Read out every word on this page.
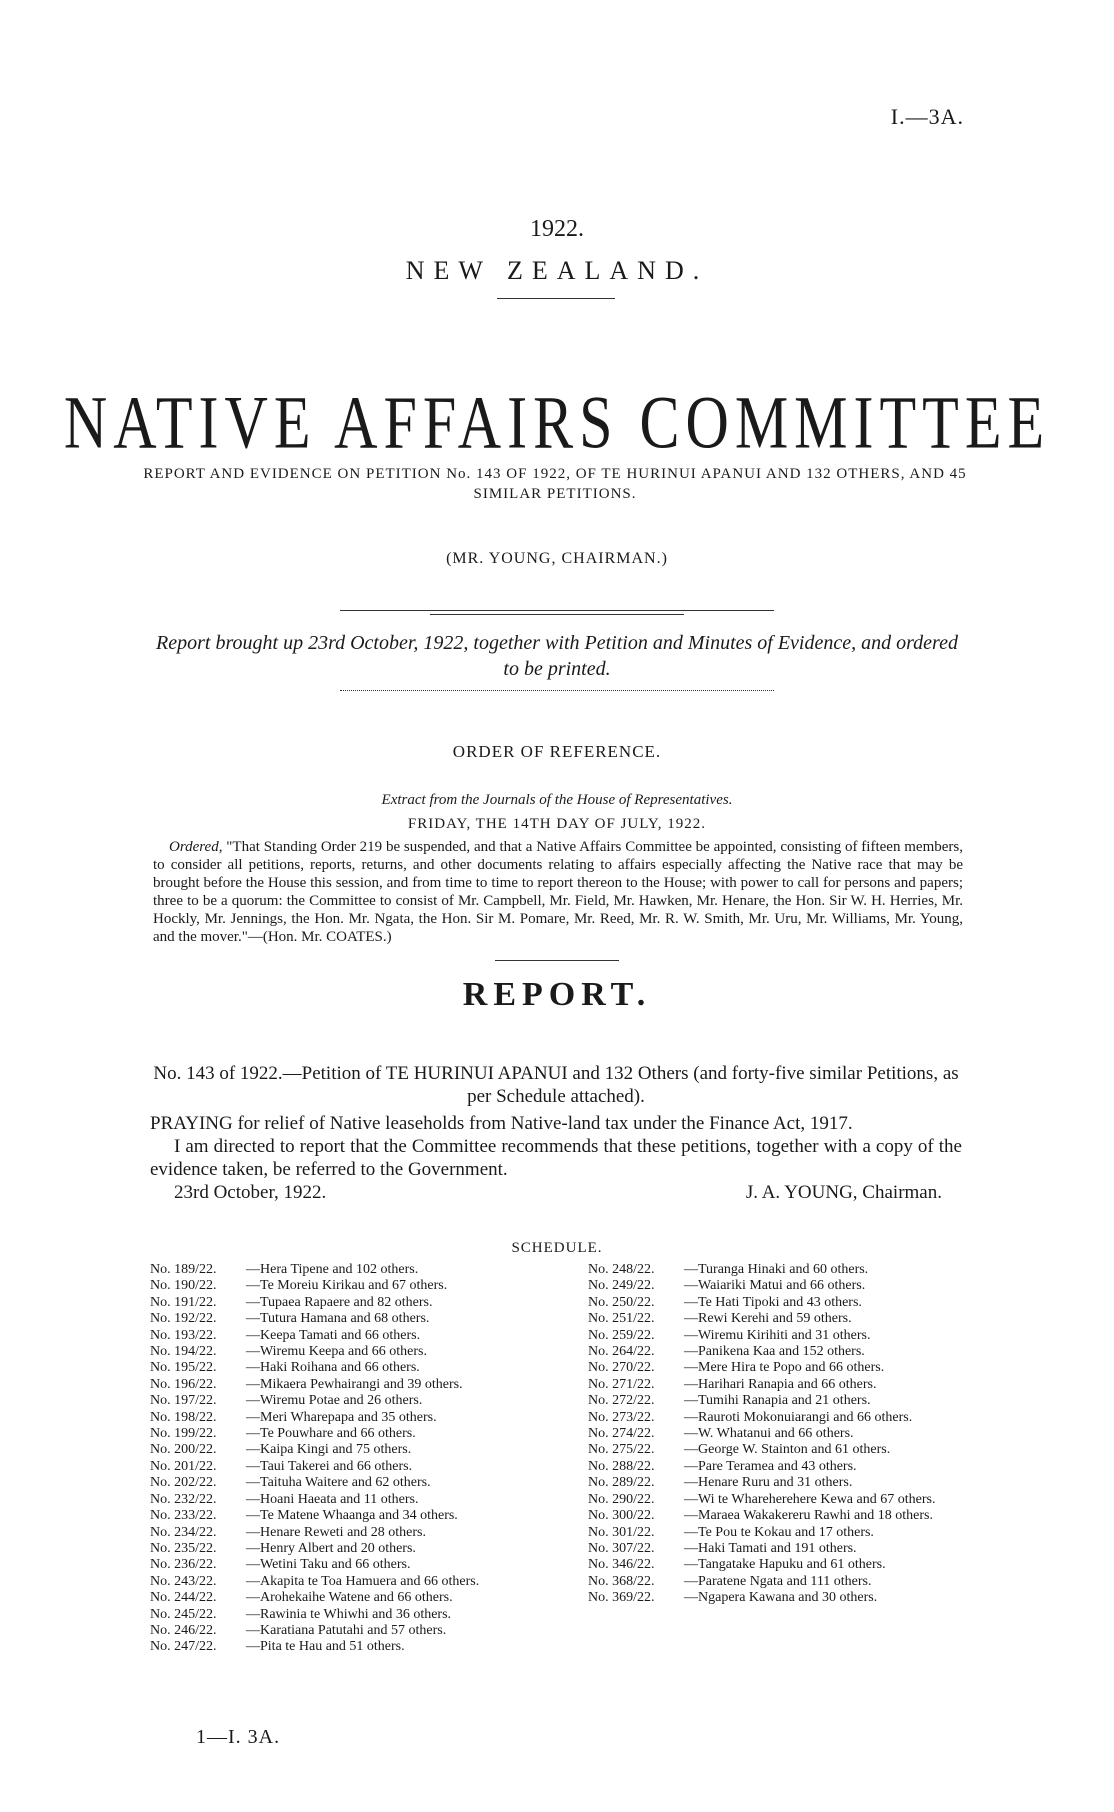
I.—3A.
1922.
NEW ZEALAND.
NATIVE AFFAIRS COMMITTEE
REPORT AND EVIDENCE ON PETITION No. 143 OF 1922, OF TE HURINUI APANUI AND 132 OTHERS, AND 45 SIMILAR PETITIONS.
(MR. YOUNG, CHAIRMAN.)
Report brought up 23rd October, 1922, together with Petition and Minutes of Evidence, and ordered to be printed.
ORDER OF REFERENCE.
Extract from the Journals of the House of Representatives.
FRIDAY, THE 14TH DAY OF JULY, 1922.
Ordered, "That Standing Order 219 be suspended, and that a Native Affairs Committee be appointed, consisting of fifteen members, to consider all petitions, reports, returns, and other documents relating to affairs especially affecting the Native race that may be brought before the House this session, and from time to time to report thereon to the House; with power to call for persons and papers; three to be a quorum: the Committee to consist of Mr. Campbell, Mr. Field, Mr. Hawken, Mr. Henare, the Hon. Sir W. H. Herries, Mr. Hockly, Mr. Jennings, the Hon. Mr. Ngata, the Hon. Sir M. Pomare, Mr. Reed, Mr. R. W. Smith, Mr. Uru, Mr. Williams, Mr. Young, and the mover."—(Hon. Mr. COATES.)
REPORT.
No. 143 of 1922.—Petition of TE HURINUI APANUI and 132 Others (and forty-five similar Petitions, as per Schedule attached).
PRAYING for relief of Native leaseholds from Native-land tax under the Finance Act, 1917.
I am directed to report that the Committee recommends that these petitions, together with a copy of the evidence taken, be referred to the Government.
23rd October, 1922.	J. A. YOUNG, Chairman.
SCHEDULE.
No. 189/22.	—Hera Tipene and 102 others.
No. 190/22.	—Te Moreiu Kirikau and 67 others.
No. 191/22.	—Tupaea Rapaere and 82 others.
No. 192/22.	—Tutura Hamana and 68 others.
No. 193/22.	—Keepa Tamati and 66 others.
No. 194/22.	—Wiremu Keepa and 66 others.
No. 195/22.	—Haki Roihana and 66 others.
No. 196/22.	—Mikaera Pewhairangi and 39 others.
No. 197/22.	—Wiremu Potae and 26 others.
No. 198/22.	—Meri Wharepapa and 35 others.
No. 199/22.	—Te Pouwhare and 66 others.
No. 200/22.	—Kaipa Kingi and 75 others.
No. 201/22.	—Taui Takerei and 66 others.
No. 202/22.	—Taituha Waitere and 62 others.
No. 232/22.	—Hoani Haeata and 11 others.
No. 233/22.	—Te Matene Whaanga and 34 others.
No. 234/22.	—Henare Reweti and 28 others.
No. 235/22.	—Henry Albert and 20 others.
No. 236/22.	—Wetini Taku and 66 others.
No. 243/22.	—Akapita te Toa Hamuera and 66 others.
No. 244/22.	—Arohekaihe Watene and 66 others.
No. 245/22.	—Rawinia te Whiwhi and 36 others.
No. 246/22.	—Karatiana Patutahi and 57 others.
No. 247/22.	—Pita te Hau and 51 others.
No. 248/22.	—Turanga Hinaki and 60 others.
No. 249/22.	—Waiariki Matui and 66 others.
No. 250/22.	—Te Hati Tipoki and 43 others.
No. 251/22.	—Rewi Kerehi and 59 others.
No. 259/22.	—Wiremu Kirihiti and 31 others.
No. 264/22.	—Panikena Kaa and 152 others.
No. 270/22.	—Mere Hira te Popo and 66 others.
No. 271/22.	—Harihari Ranapia and 66 others.
No. 272/22.	—Tumihi Ranapia and 21 others.
No. 273/22.	—Rauroti Mokonuiarangi and 66 others.
No. 274/22.	—W. Whatanui and 66 others.
No. 275/22.	—George W. Stainton and 61 others.
No. 288/22.	—Pare Teramea and 43 others.
No. 289/22.	—Henare Ruru and 31 others.
No. 290/22.	—Wi te Whareherehere Kewa and 67 others.
No. 300/22.	—Maraea Wakakereru Rawhi and 18 others.
No. 301/22.	—Te Pou te Kokau and 17 others.
No. 307/22.	—Haki Tamati and 191 others.
No. 346/22.	—Tangatake Hapuku and 61 others.
No. 368/22.	—Paratene Ngata and 111 others.
No. 369/22.	—Ngapera Kawana and 30 others.
1—I. 3A.
